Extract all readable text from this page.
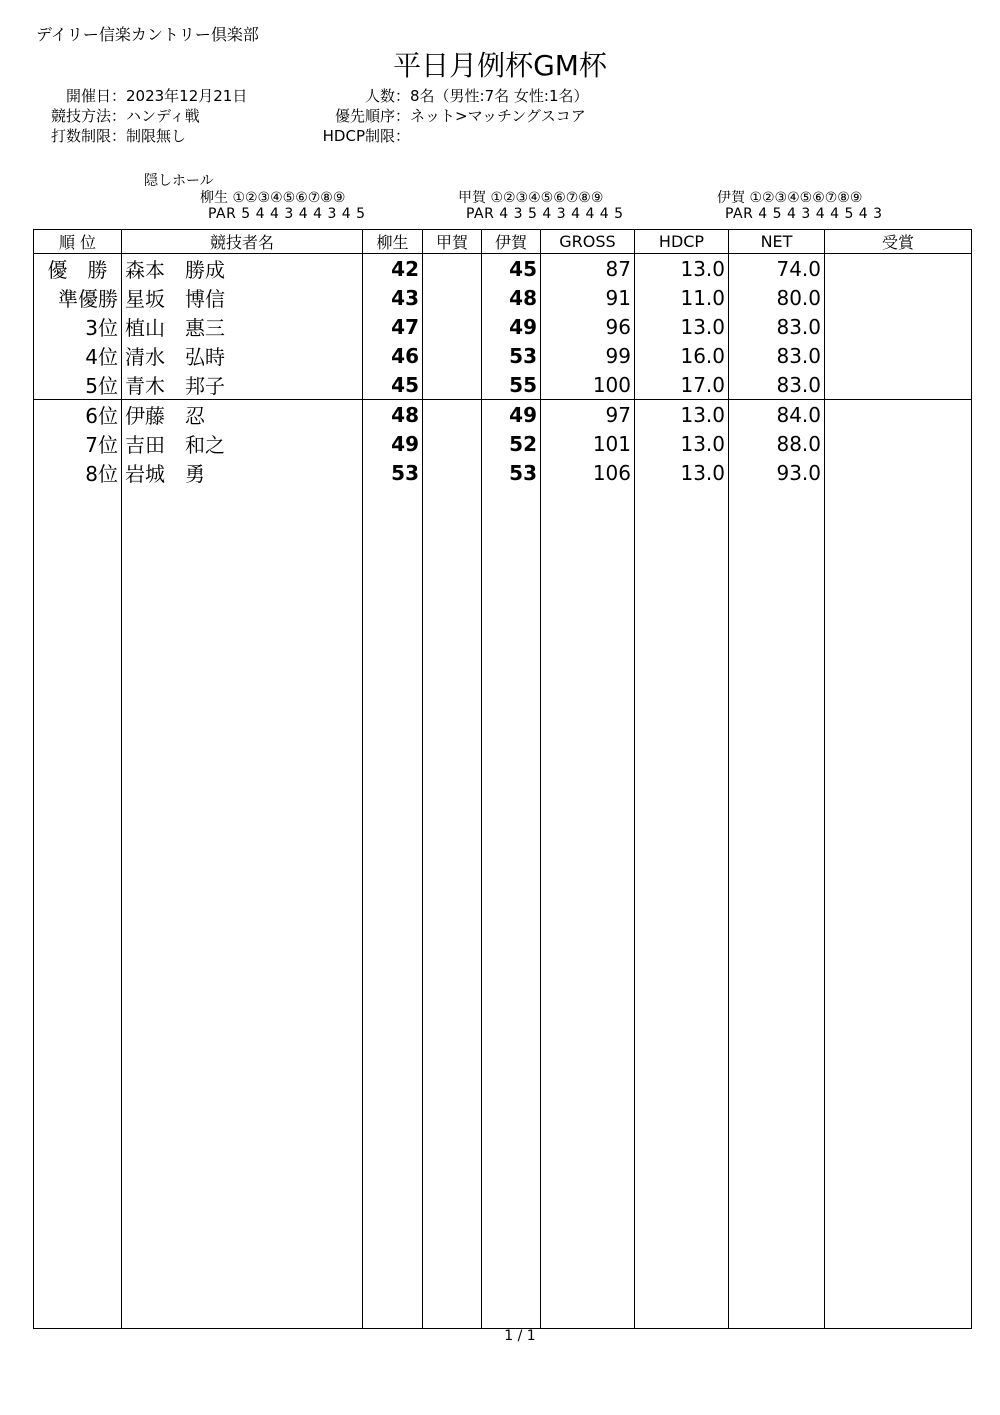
デイリー信楽カントリー倶楽部
平日月例杯GM杯
開催日：2023年12月21日
競技方法：ハンディ戦
打数制限：制限無し
人数：8名（男性:7名 女性:1名）
優先順序：ネット>マッチングスコア
HDCP制限：
隠しホール
柳生 ①②③④⑤⑥⑦⑧⑨
PAR 5 4 4 3 4 4 3 4 5
甲賀 ①②③④⑤⑥⑦⑧⑨
PAR 4 3 5 4 3 4 4 4 5
伊賀 ①②③④⑤⑥⑦⑧⑨
PAR 4 5 4 3 4 4 5 4 3
順 位	競技者名	柳生	甲賀	伊賀	GROSS	HDCP	NET	受賞
優　勝	森本　勝成	42		45	87	13.0	74.0	
準優勝	星坂　博信	43		48	91	11.0	80.0	
3位	植山　惠三	47		49	96	13.0	83.0	
4位	清水　弘時	46		53	99	16.0	83.0	
5位	青木　邦子	45		55	100	17.0	83.0	
6位	伊藤　忍	48		49	97	13.0	84.0	
7位	吉田　和之	49		52	101	13.0	88.0	
8位	岩城　勇	53		53	106	13.0	93.0	

1 / 1
